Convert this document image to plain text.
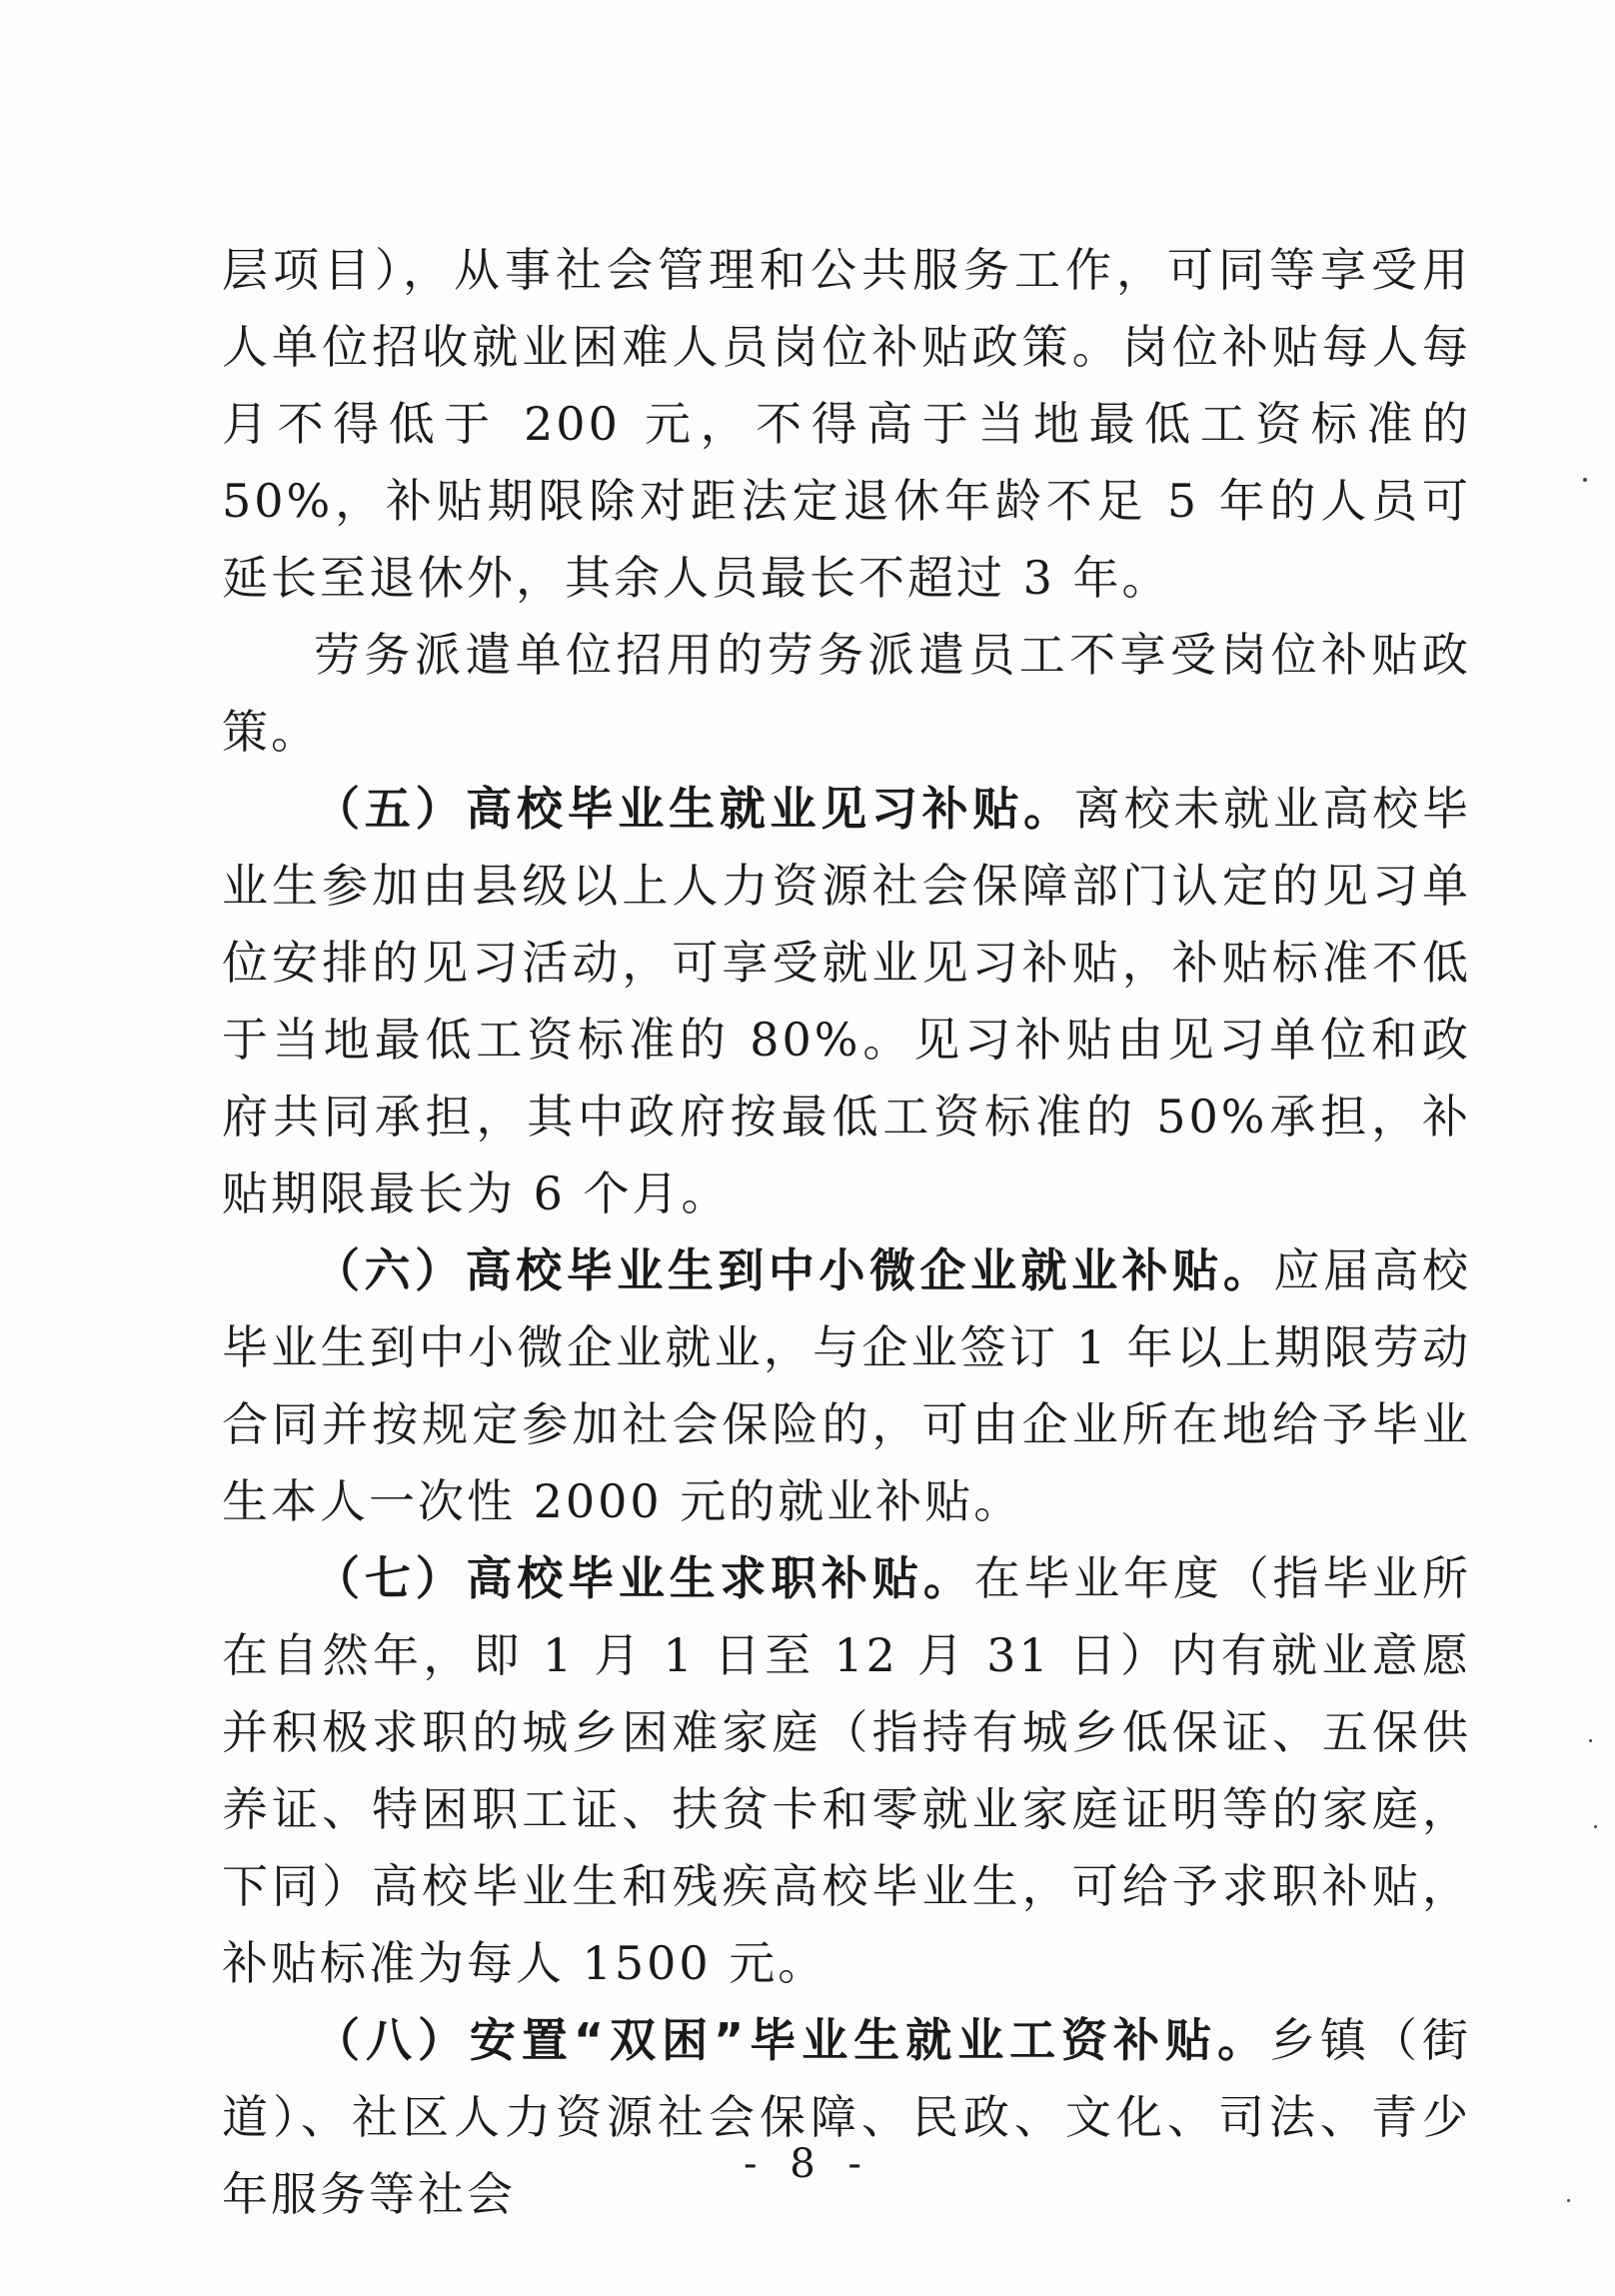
层项目），从事社会管理和公共服务工作，可同等享受用人单位招收就业困难人员岗位补贴政策。岗位补贴每人每月不得低于 200 元，不得高于当地最低工资标准的 50%，补贴期限除对距法定退休年龄不足 5 年的人员可延长至退休外，其余人员最长不超过 3 年。

劳务派遣单位招用的劳务派遣员工不享受岗位补贴政策。

（五）高校毕业生就业见习补贴。离校未就业高校毕业生参加由县级以上人力资源社会保障部门认定的见习单位安排的见习活动，可享受就业见习补贴，补贴标准不低于当地最低工资标准的 80%。见习补贴由见习单位和政府共同承担，其中政府按最低工资标准的 50%承担，补贴期限最长为 6 个月。

（六）高校毕业生到中小微企业就业补贴。应届高校毕业生到中小微企业就业，与企业签订 1 年以上期限劳动合同并按规定参加社会保险的，可由企业所在地给予毕业生本人一次性 2000 元的就业补贴。

（七）高校毕业生求职补贴。在毕业年度（指毕业所在自然年，即 1 月 1 日至 12 月 31 日）内有就业意愿并积极求职的城乡困难家庭（指持有城乡低保证、五保供养证、特困职工证、扶贫卡和零就业家庭证明等的家庭，下同）高校毕业生和残疾高校毕业生，可给予求职补贴，补贴标准为每人 1500 元。

（八）安置“双困”毕业生就业工资补贴。乡镇（街道）、社区人力资源社会保障、民政、文化、司法、青少年服务等社会

- 8 -
